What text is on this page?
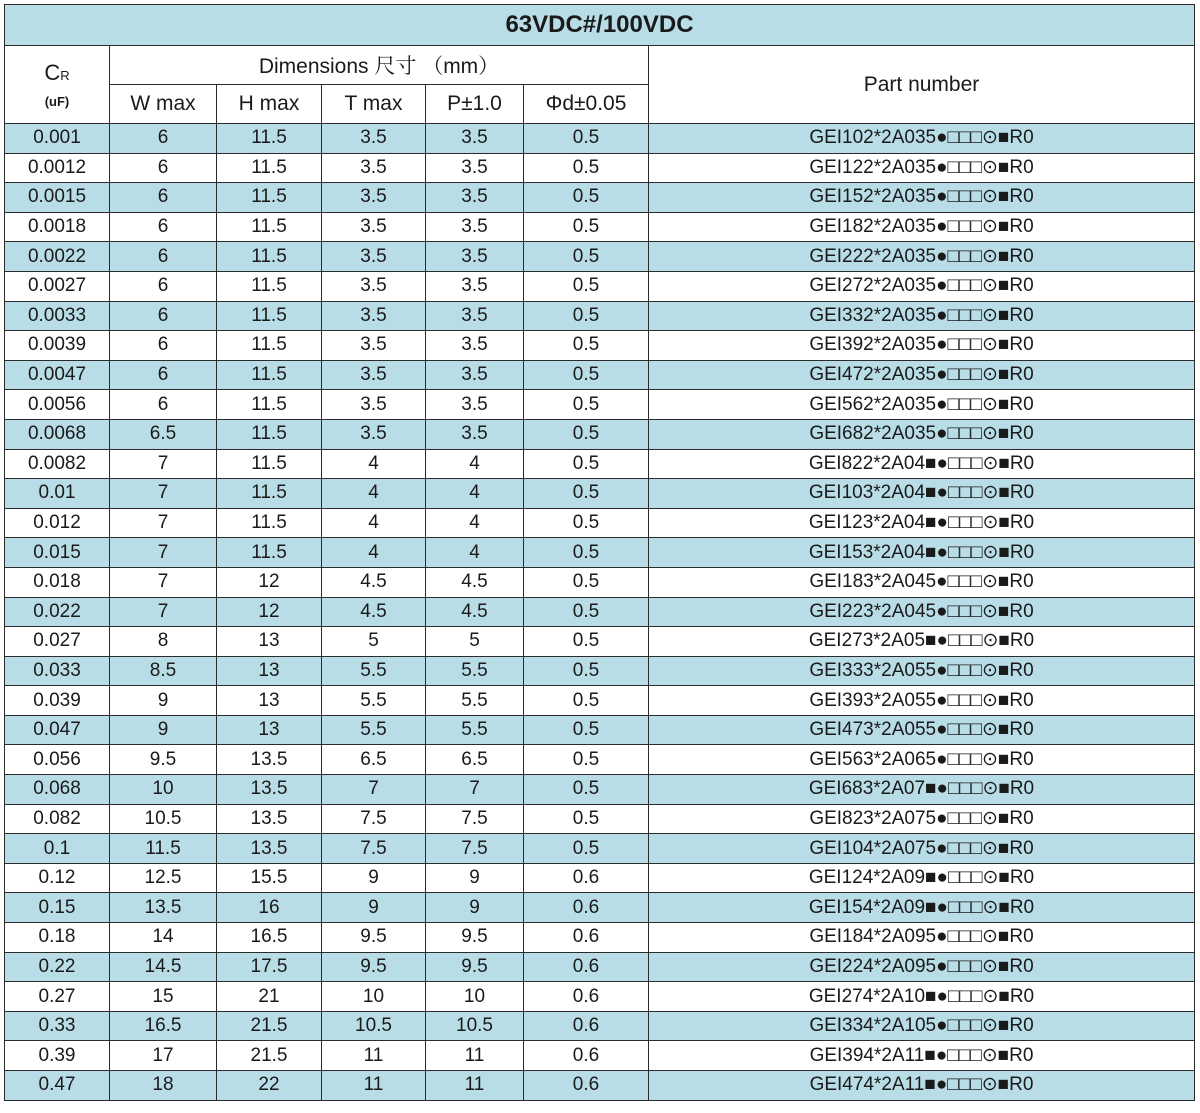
63VDC#/100VDC						
CR
(uF)	Dimensions 尺寸 （mm）					Part number
	W max	H max	T max	P±1.0	Φd±0.05	
0.001	6	11.5	3.5	3.5	0.5	GEI102*2A035●□□□⊙■R0
0.0012	6	11.5	3.5	3.5	0.5	GEI122*2A035●□□□⊙■R0
0.0015	6	11.5	3.5	3.5	0.5	GEI152*2A035●□□□⊙■R0
0.0018	6	11.5	3.5	3.5	0.5	GEI182*2A035●□□□⊙■R0
0.0022	6	11.5	3.5	3.5	0.5	GEI222*2A035●□□□⊙■R0
0.0027	6	11.5	3.5	3.5	0.5	GEI272*2A035●□□□⊙■R0
0.0033	6	11.5	3.5	3.5	0.5	GEI332*2A035●□□□⊙■R0
0.0039	6	11.5	3.5	3.5	0.5	GEI392*2A035●□□□⊙■R0
0.0047	6	11.5	3.5	3.5	0.5	GEI472*2A035●□□□⊙■R0
0.0056	6	11.5	3.5	3.5	0.5	GEI562*2A035●□□□⊙■R0
0.0068	6.5	11.5	3.5	3.5	0.5	GEI682*2A035●□□□⊙■R0
0.0082	7	11.5	4	4	0.5	GEI822*2A04■●□□□⊙■R0
0.01	7	11.5	4	4	0.5	GEI103*2A04■●□□□⊙■R0
0.012	7	11.5	4	4	0.5	GEI123*2A04■●□□□⊙■R0
0.015	7	11.5	4	4	0.5	GEI153*2A04■●□□□⊙■R0
0.018	7	12	4.5	4.5	0.5	GEI183*2A045●□□□⊙■R0
0.022	7	12	4.5	4.5	0.5	GEI223*2A045●□□□⊙■R0
0.027	8	13	5	5	0.5	GEI273*2A05■●□□□⊙■R0
0.033	8.5	13	5.5	5.5	0.5	GEI333*2A055●□□□⊙■R0
0.039	9	13	5.5	5.5	0.5	GEI393*2A055●□□□⊙■R0
0.047	9	13	5.5	5.5	0.5	GEI473*2A055●□□□⊙■R0
0.056	9.5	13.5	6.5	6.5	0.5	GEI563*2A065●□□□⊙■R0
0.068	10	13.5	7	7	0.5	GEI683*2A07■●□□□⊙■R0
0.082	10.5	13.5	7.5	7.5	0.5	GEI823*2A075●□□□⊙■R0
0.1	11.5	13.5	7.5	7.5	0.5	GEI104*2A075●□□□⊙■R0
0.12	12.5	15.5	9	9	0.6	GEI124*2A09■●□□□⊙■R0
0.15	13.5	16	9	9	0.6	GEI154*2A09■●□□□⊙■R0
0.18	14	16.5	9.5	9.5	0.6	GEI184*2A095●□□□⊙■R0
0.22	14.5	17.5	9.5	9.5	0.6	GEI224*2A095●□□□⊙■R0
0.27	15	21	10	10	0.6	GEI274*2A10■●□□□⊙■R0
0.33	16.5	21.5	10.5	10.5	0.6	GEI334*2A105●□□□⊙■R0
0.39	17	21.5	11	11	0.6	GEI394*2A11■●□□□⊙■R0
0.47	18	22	11	11	0.6	GEI474*2A11■●□□□⊙■R0
